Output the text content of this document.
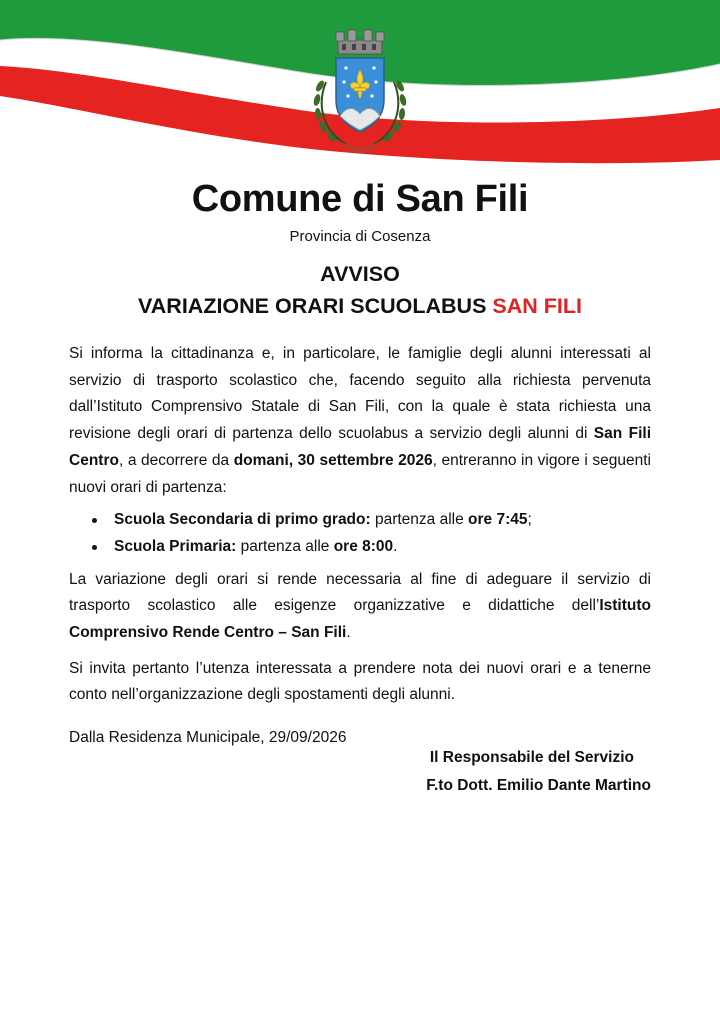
Comune di San Fili
Provincia di Cosenza
AVVISO
VARIAZIONE ORARI SCUOLABUS SAN FILI

Si informa la cittadinanza e, in particolare, le famiglie degli alunni interessati al servizio di trasporto scolastico che, facendo seguito alla richiesta pervenuta dall’Istituto Comprensivo Statale di San Fili, con la quale è stata richiesta una revisione degli orari di partenza dello scuolabus a servizio degli alunni di San Fili Centro, a decorrere da domani, 30 settembre 2026, entreranno in vigore i seguenti nuovi orari di partenza:

Scuola Secondaria di primo grado: partenza alle ore 7:45;
Scuola Primaria: partenza alle ore 8:00.

La variazione degli orari si rende necessaria al fine di adeguare il servizio di trasporto scolastico alle esigenze organizzative e didattiche dell’Istituto Comprensivo Rende Centro – San Fili.

Si invita pertanto l’utenza interessata a prendere nota dei nuovi orari e a tenerne conto nell’organizzazione degli spostamenti degli alunni.

Dalla Residenza Municipale, 29/09/2026

Il Responsabile del Servizio
F.to Dott. Emilio Dante Martino
